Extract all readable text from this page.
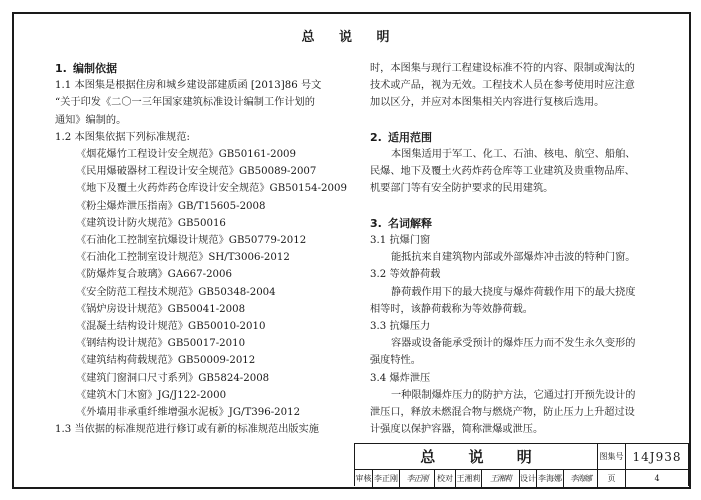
总 说 明
1. 编制依据
1.1 本图集是根据住房和城乡建设部建质函 [2013]86 号文
“关于印发《二〇一三年国家建筑标准设计编制工作计划的
通知》编制的。
1.2 本图集依据下列标准规范:
《烟花爆竹工程设计安全规范》GB50161-2009
《民用爆破器材工程设计安全规范》GB50089-2007
《地下及覆土火药炸药仓库设计安全规范》GB50154-2009
《粉尘爆炸泄压指南》GB/T15605-2008
《建筑设计防火规范》GB50016
《石油化工控制室抗爆设计规范》GB50779-2012
《石油化工控制室设计规范》SH/T3006-2012
《防爆炸复合玻璃》GA667-2006
《安全防范工程技术规范》GB50348-2004
《锅炉房设计规范》GB50041-2008
《混凝土结构设计规范》GB50010-2010
《钢结构设计规范》GB50017-2010
《建筑结构荷载规范》GB50009-2012
《建筑门窗洞口尺寸系列》GB5824-2008
《建筑木门木窗》JG/J122-2000
《外墙用非承重纤维增强水泥板》JG/T396-2012
1.3 当依据的标准规范进行修订或有新的标准规范出版实施
时，本图集与现行工程建设标准不符的内容、限制或淘汰的
技术或产品，视为无效。工程技术人员在参考使用时应注意
加以区分，并应对本图集相关内容进行复核后选用。
2. 适用范围
本图集适用于军工、化工、石油、核电、航空、船舶、
民爆、地下及覆土火药炸药仓库等工业建筑及贵重物品库、
机要部门等有安全防护要求的民用建筑。
3. 名词解释
3.1 抗爆门窗
能抵抗来自建筑物内部或外部爆炸冲击波的特种门窗。
3.2 等效静荷载
静荷载作用下的最大挠度与爆炸荷载作用下的最大挠度
相等时，该静荷载称为等效静荷载。
3.3 抗爆压力
容器或设备能承受预计的爆炸压力而不发生永久变形的
强度特性。
3.4 爆炸泄压
一种限制爆炸压力的防护方法，它通过打开预先设计的
泄压口，释放未燃混合物与燃烧产物，防止压力上升超过设
计强度以保护容器，简称泄爆或泄压。
总 说 明	图集号 14J938
审核 李正刚 李正刚 校对 王湘莉 王湘莉 设计 李海娜 李海娜 页	4
